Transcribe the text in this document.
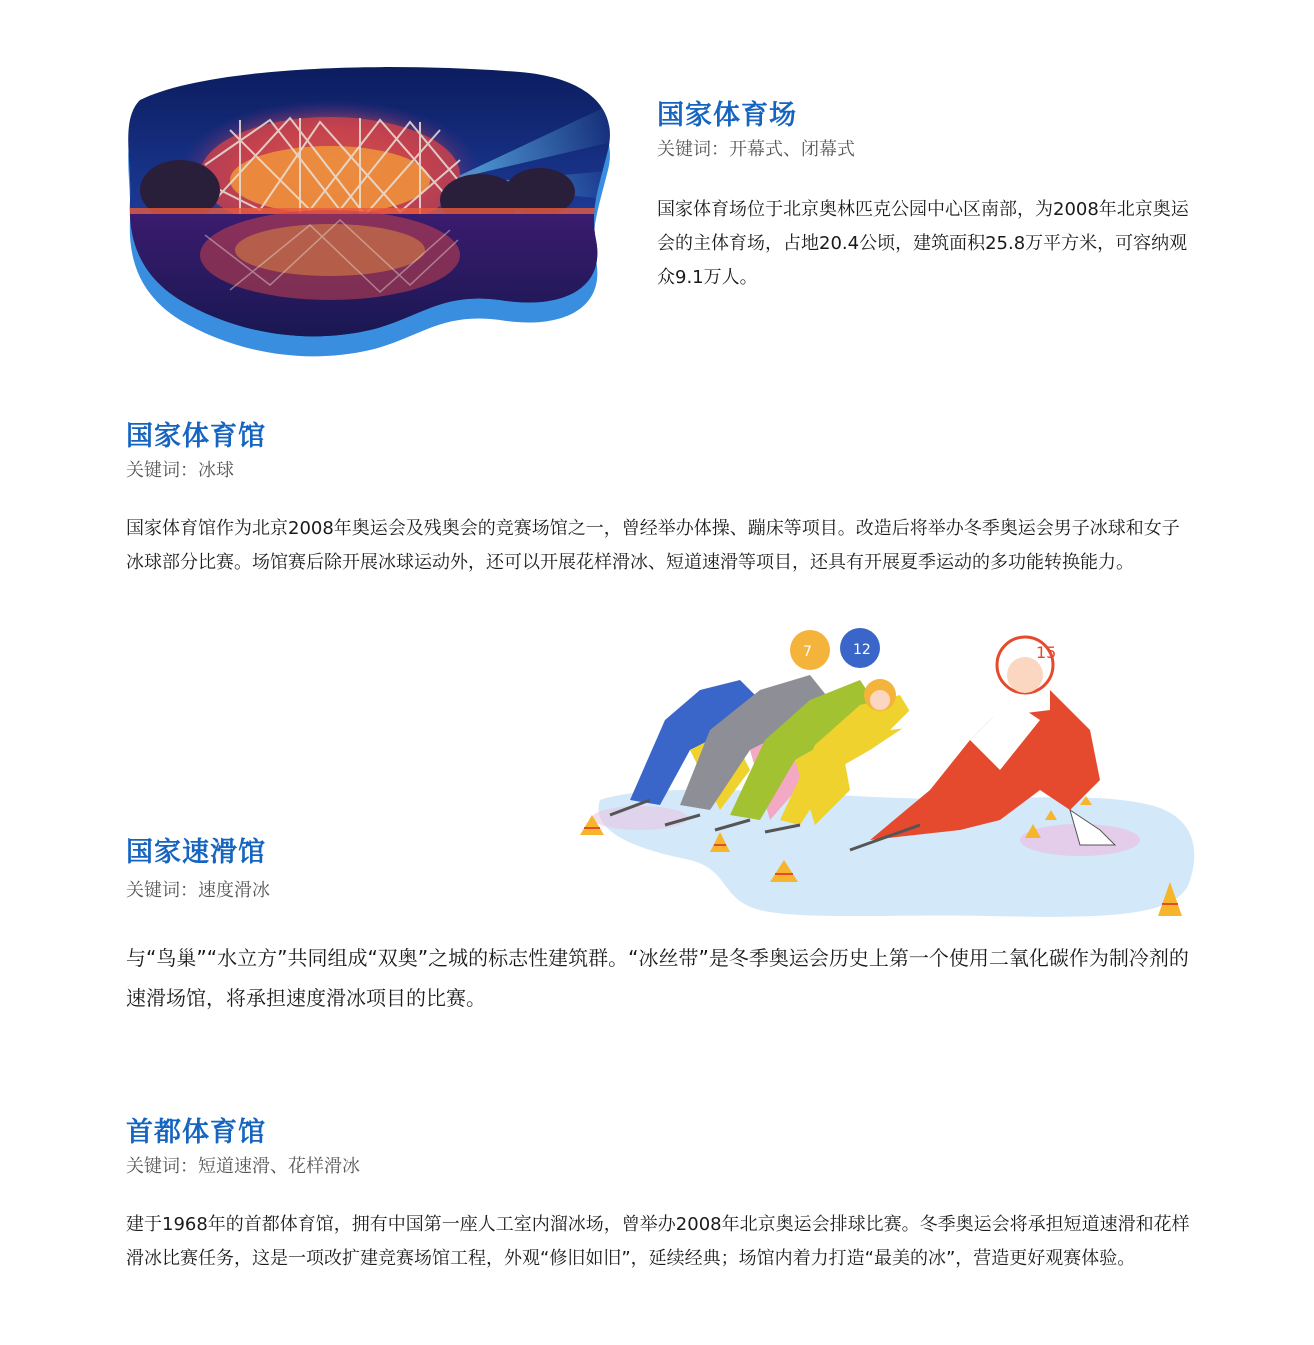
国家体育场

关键词：开幕式、闭幕式

国家体育场位于北京奥林匹克公园中心区南部，为2008年北京奥运会的主体育场，占地20.4公顷，建筑面积25.8万平方米，可容纳观众9.1万人。

国家体育馆

关键词：冰球

国家体育馆作为北京2008年奥运会及残奥会的竞赛场馆之一，曾经举办体操、蹦床等项目。改造后将举办冬季奥运会男子冰球和女子冰球部分比赛。场馆赛后除开展冰球运动外，还可以开展花样滑冰、短道速滑等项目，还具有开展夏季运动的多功能转换能力。

12
7	15
国家速滑馆

关键词：速度滑冰

与“鸟巢”“水立方”共同组成“双奥”之城的标志性建筑群。“冰丝带”是冬季奥运会历史上第一个使用二氧化碳作为制冷剂的速滑场馆，将承担速度滑冰项目的比赛。

首都体育馆

关键词：短道速滑、花样滑冰

建于1968年的首都体育馆，拥有中国第一座人工室内溜冰场，曾举办2008年北京奥运会排球比赛。冬季奥运会将承担短道速滑和花样滑冰比赛任务，这是一项改扩建竞赛场馆工程，外观“修旧如旧”，延续经典；场馆内着力打造“最美的冰”，营造更好观赛体验。
